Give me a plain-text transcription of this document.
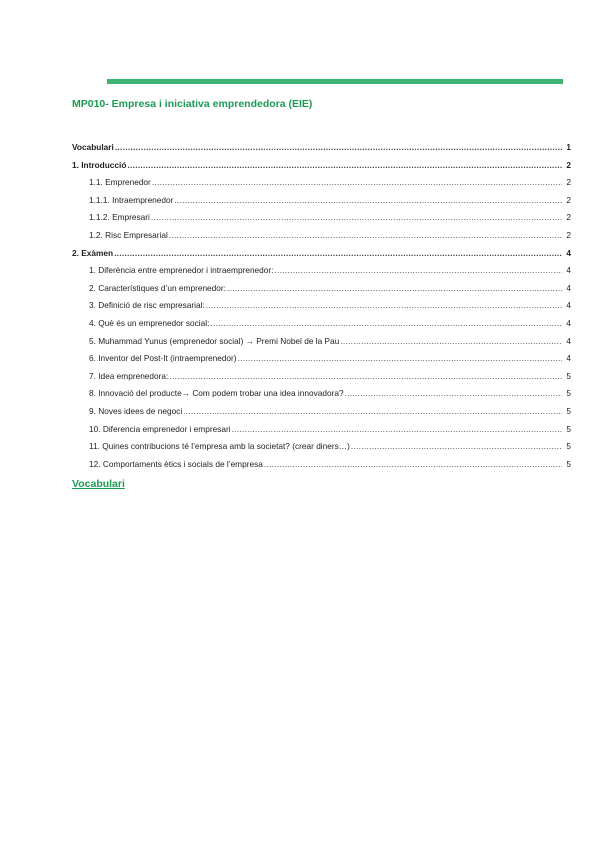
MP010- Empresa i iniciativa emprendedora (EIE)
Vocabulari .....	1
1. Introducció .....	2
1.1. Emprenedor .....	2
1.1.1. Intraemprenedor .....	2
1.1.2. Empresari .....	2
1.2. Risc Empresarial .....	2
2. Exàmen .....	4
1. Diferència entre emprenedor i intraemprenedor: .....	4
2. Característiques d’un emprenedor: .....	4
3. Definició de risc empresarial: .....	4
4. Què és un emprenedor social: .....	4
5. Muhammad Yunus (emprenedor social) → Premi Nobel de la Pau .....	4
6. Inventor del Post-It (intraemprenedor) .....	4
7. Idea emprenedora: .....	5
8. Innovació del producte→ Com podem trobar una idea innovadora? .....	5
9. Noves idees de negoci .....	5
10. Diferencia emprenedor i empresari .....	5
11. Quines contribucions té l’empresa amb la societat? (crear diners…) .....	5
12. Comportaments ètics i socials de l’empresa .....	5
Vocabulari
